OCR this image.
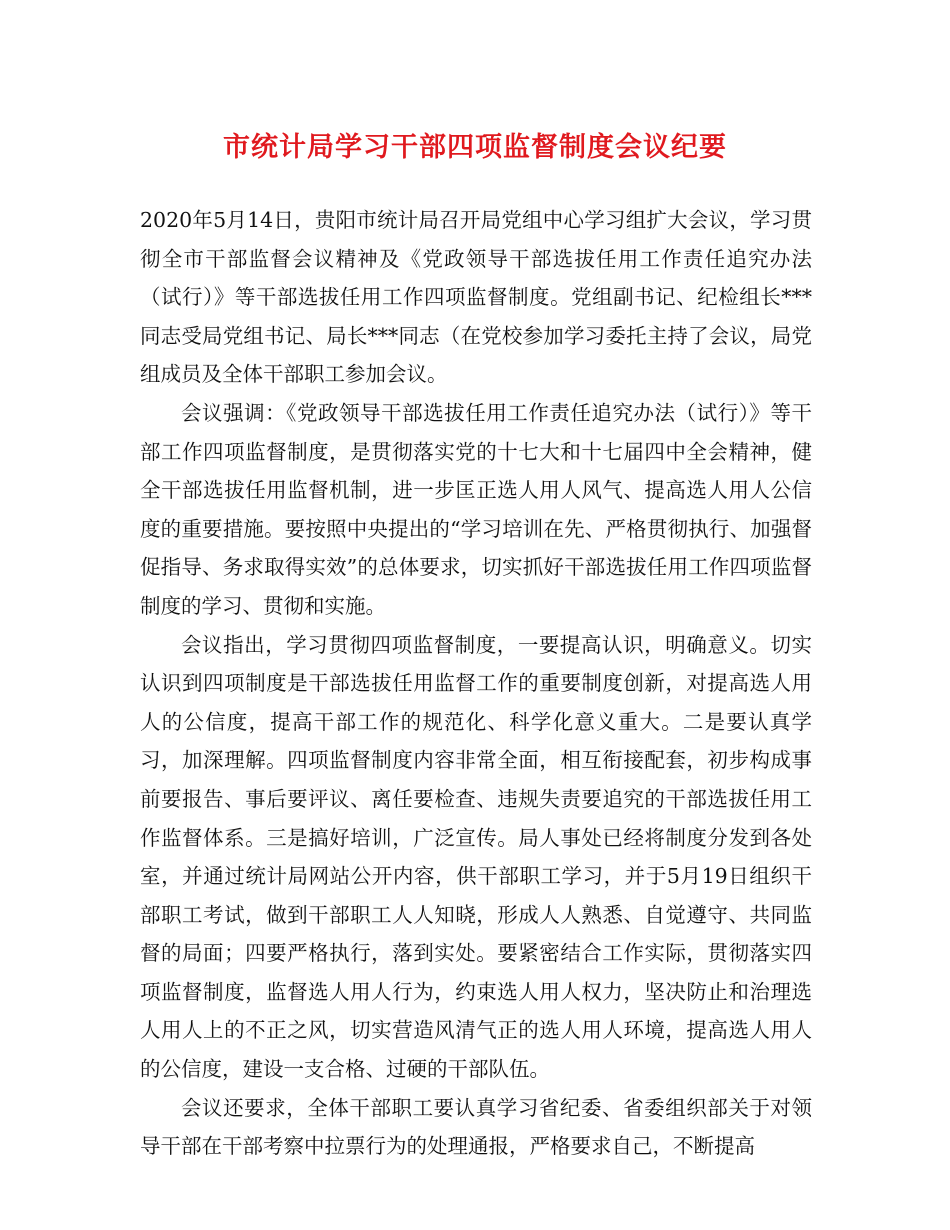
市统计局学习干部四项监督制度会议纪要

2020年5月14日，贵阳市统计局召开局党组中心学习组扩大会议，学习贯彻全市干部监督会议精神及《党政领导干部选拔任用工作责任追究办法（试行）》等干部选拔任用工作四项监督制度。党组副书记、纪检组长***同志受局党组书记、局长***同志（在党校参加学习委托主持了会议，局党组成员及全体干部职工参加会议。

会议强调：《党政领导干部选拔任用工作责任追究办法（试行）》等干部工作四项监督制度，是贯彻落实党的十七大和十七届四中全会精神，健全干部选拔任用监督机制，进一步匡正选人用人风气、提高选人用人公信度的重要措施。要按照中央提出的“学习培训在先、严格贯彻执行、加强督促指导、务求取得实效”的总体要求，切实抓好干部选拔任用工作四项监督制度的学习、贯彻和实施。

会议指出，学习贯彻四项监督制度，一要提高认识，明确意义。切实认识到四项制度是干部选拔任用监督工作的重要制度创新，对提高选人用人的公信度，提高干部工作的规范化、科学化意义重大。二是要认真学习，加深理解。四项监督制度内容非常全面，相互衔接配套，初步构成事前要报告、事后要评议、离任要检查、违规失责要追究的干部选拔任用工作监督体系。三是搞好培训，广泛宣传。局人事处已经将制度分发到各处室，并通过统计局网站公开内容，供干部职工学习，并于5月19日组织干部职工考试，做到干部职工人人知晓，形成人人熟悉、自觉遵守、共同监督的局面；四要严格执行，落到实处。要紧密结合工作实际，贯彻落实四项监督制度，监督选人用人行为，约束选人用人权力，坚决防止和治理选人用人上的不正之风，切实营造风清气正的选人用人环境，提高选人用人的公信度，建设一支合格、过硬的干部队伍。

会议还要求，全体干部职工要认真学习省纪委、省委组织部关于对领导干部在干部考察中拉票行为的处理通报，严格要求自己，不断提高
